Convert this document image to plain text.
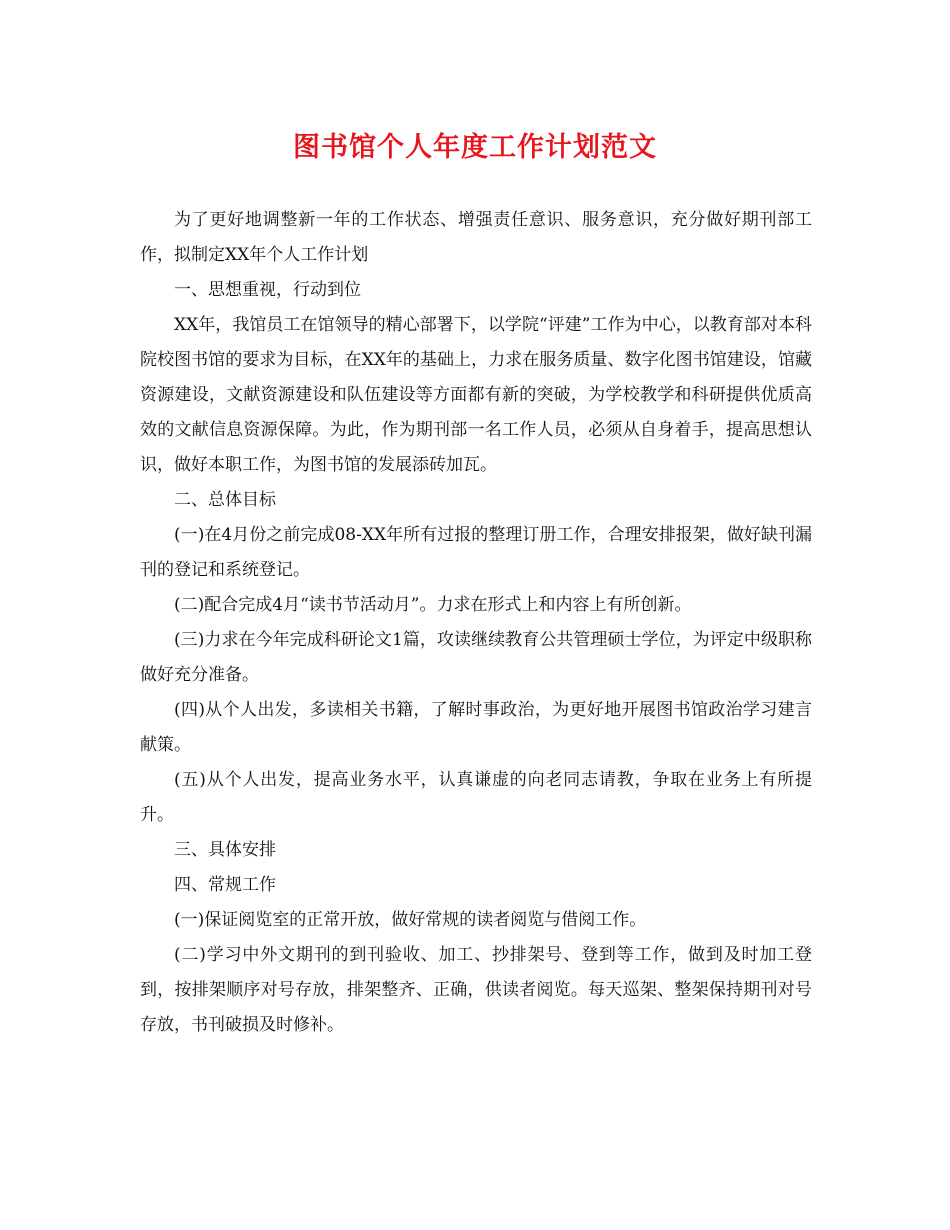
图书馆个人年度工作计划范文

为了更好地调整新一年的工作状态、增强责任意识、服务意识，充分做好期刊部工作，拟制定XX年个人工作计划

一、思想重视，行动到位

XX年，我馆员工在馆领导的精心部署下，以学院“评建”工作为中心，以教育部对本科院校图书馆的要求为目标，在XX年的基础上，力求在服务质量、数字化图书馆建设，馆藏资源建设，文献资源建设和队伍建设等方面都有新的突破，为学校教学和科研提供优质高效的文献信息资源保障。为此，作为期刊部一名工作人员，必须从自身着手，提高思想认识，做好本职工作，为图书馆的发展添砖加瓦。

二、总体目标

(一)在4月份之前完成08-XX年所有过报的整理订册工作，合理安排报架，做好缺刊漏刊的登记和系统登记。

(二)配合完成4月“读书节活动月”。力求在形式上和内容上有所创新。

(三)力求在今年完成科研论文1篇，攻读继续教育公共管理硕士学位，为评定中级职称做好充分准备。

(四)从个人出发，多读相关书籍，了解时事政治，为更好地开展图书馆政治学习建言献策。

(五)从个人出发，提高业务水平，认真谦虚的向老同志请教，争取在业务上有所提升。

三、具体安排

四、常规工作

(一)保证阅览室的正常开放，做好常规的读者阅览与借阅工作。

(二)学习中外文期刊的到刊验收、加工、抄排架号、登到等工作，做到及时加工登到，按排架顺序对号存放，排架整齐、正确，供读者阅览。每天巡架、整架保持期刊对号存放，书刊破损及时修补。
